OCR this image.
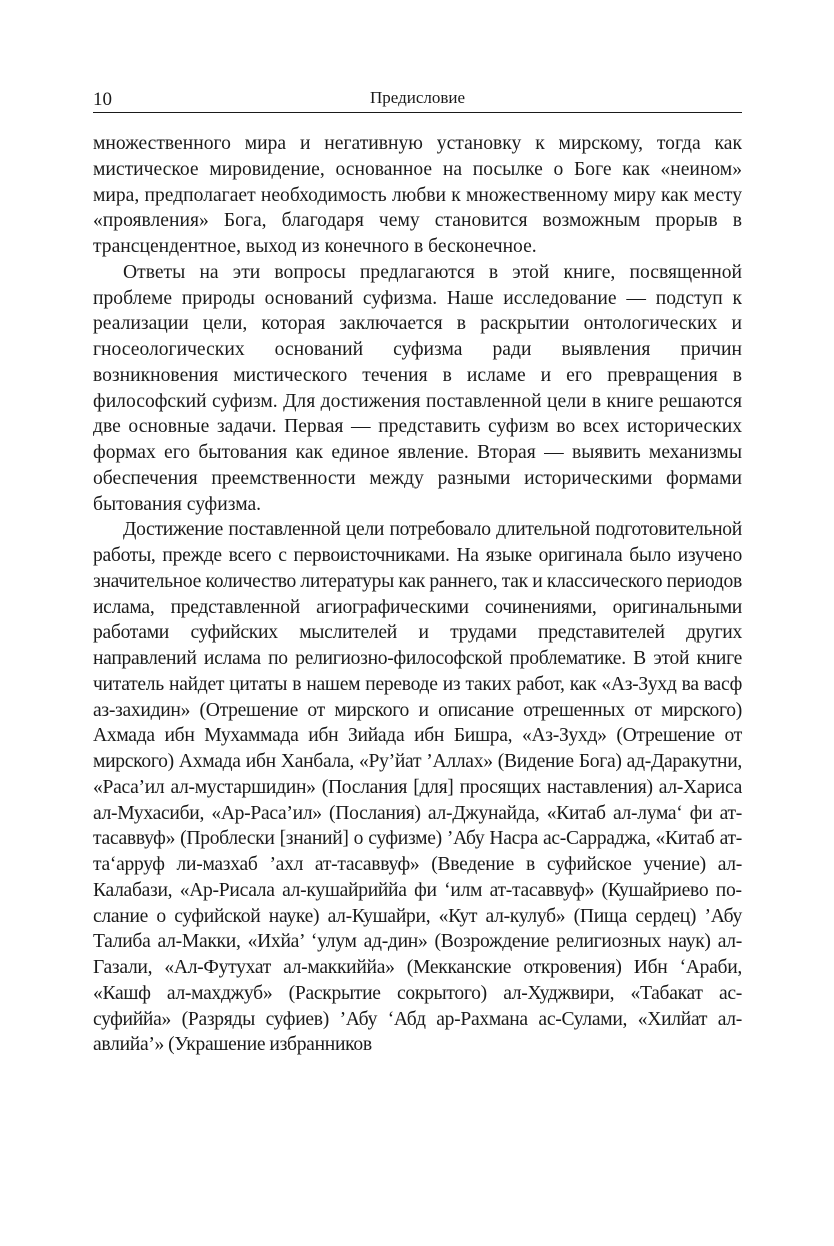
10	Предисловие

множественного мира и негативную установку к мирскому, тогда как мистическое мировидение, основанное на посылке о Боге как «неином» мира, предполагает необходимость любви к множественному миру как месту «проявления» Бога, благодаря чему становится возможным прорыв в трансцендентное, выход из конечного в бесконечное.

Ответы на эти вопросы предлагаются в этой книге, посвященной проблеме природы оснований суфизма. Наше исследование — подступ к реализации цели, которая заключается в раскрытии онтологических и гносеологических оснований суфизма ради выявления причин возникновения мистического течения в исламе и его превращения в философский суфизм. Для достижения поставленной цели в книге решаются две основные задачи. Первая — представить суфизм во всех исторических формах его бытования как единое явление. Вторая — выявить механизмы обеспечения преемственности между разными историческими формами бытования суфизма.

Достижение поставленной цели потребовало длительной подготовительной работы, прежде всего с первоисточниками. На языке оригинала было изучено значительное количество литературы как раннего, так и классического периодов ислама, представленной агиографическими сочинениями, оригинальными работами суфийских мыслителей и трудами представителей других направлений ислама по религиозно-философской проблематике. В этой книге читатель найдет цитаты в нашем переводе из таких работ, как «Аз-Зухд ва васф аз-захидин» (Отрешение от мирского и описание отрешенных от мирского) Ахмада ибн Мухаммада ибн Зийада ибн Бишра, «Аз-Зухд» (Отрешение от мирского) Ахмада ибн Ханбала, «Ру’йат ’Аллах» (Видение Бога) ад-Даракутни, «Раса’ил ал-мустаршидин» (Послания [для] просящих наставления) ал-Хариса ал-Мухасиби, «Ар-Раса’ил» (Послания) ал-Джунайда, «Китаб ал-лума‘ фи ат-тасаввуф» (Проблески [знаний] о суфизме) ’Абу Насра ас-Сарраджа, «Китаб ат-та‘арруф ли-мазхаб ’ахл ат-тасаввуф» (Введение в суфийское учение) ал-Калабази, «Ар-Рисала ал-кушайриййа фи ‘илм ат-тасаввуф» (Кушайриево послание о суфийской науке) ал-Кушайри, «Кут ал-кулуб» (Пища сердец) ’Абу Талиба ал-Макки, «Ихйа’ ‘улум ад-дин» (Возрождение религиозных наук) ал-Газали, «Ал-Футухат ал-маккиййа» (Мекканские откровения) Ибн ‘Араби, «Кашф ал-махджуб» (Раскрытие сокрытого) ал-Худжвири, «Табакат ас-суфиййа» (Разряды суфиев) ’Абу ‘Абд ар-Рахмана ас-Сулами, «Хилйат ал-авлийа’» (Украшение избранников
